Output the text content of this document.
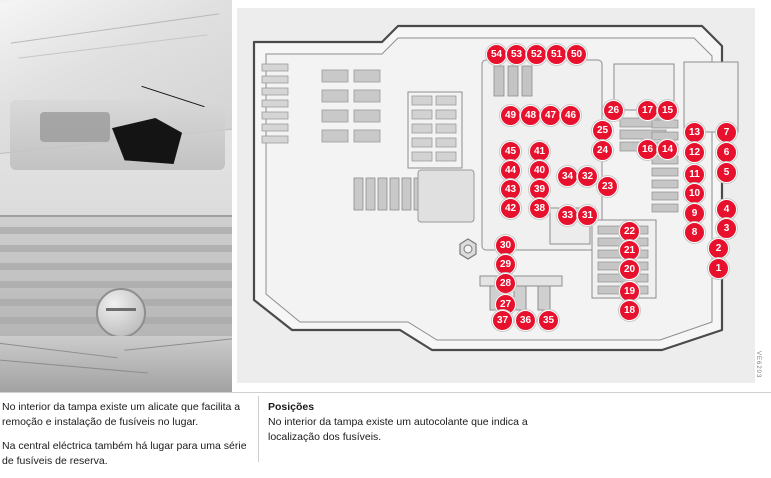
VE6203
54 53 52 51 50
49 48 47 46
45	41
44	40
43	39
42	38
34 32
23
33 31
26
25
24
22
21
20
19
18
17 15
16 14
13
12
11
10
9
8
7
6
5
4
3
2
1
30
29
28
27
37	36	35

No interior da tampa existe um alicate que facilita a remoção e instalação de fusíveis no lugar.

Na central eléctrica também há lugar para uma série de fusíveis de reserva.

Posições
No interior da tampa existe um autocolante que indica a localização dos fusíveis.
